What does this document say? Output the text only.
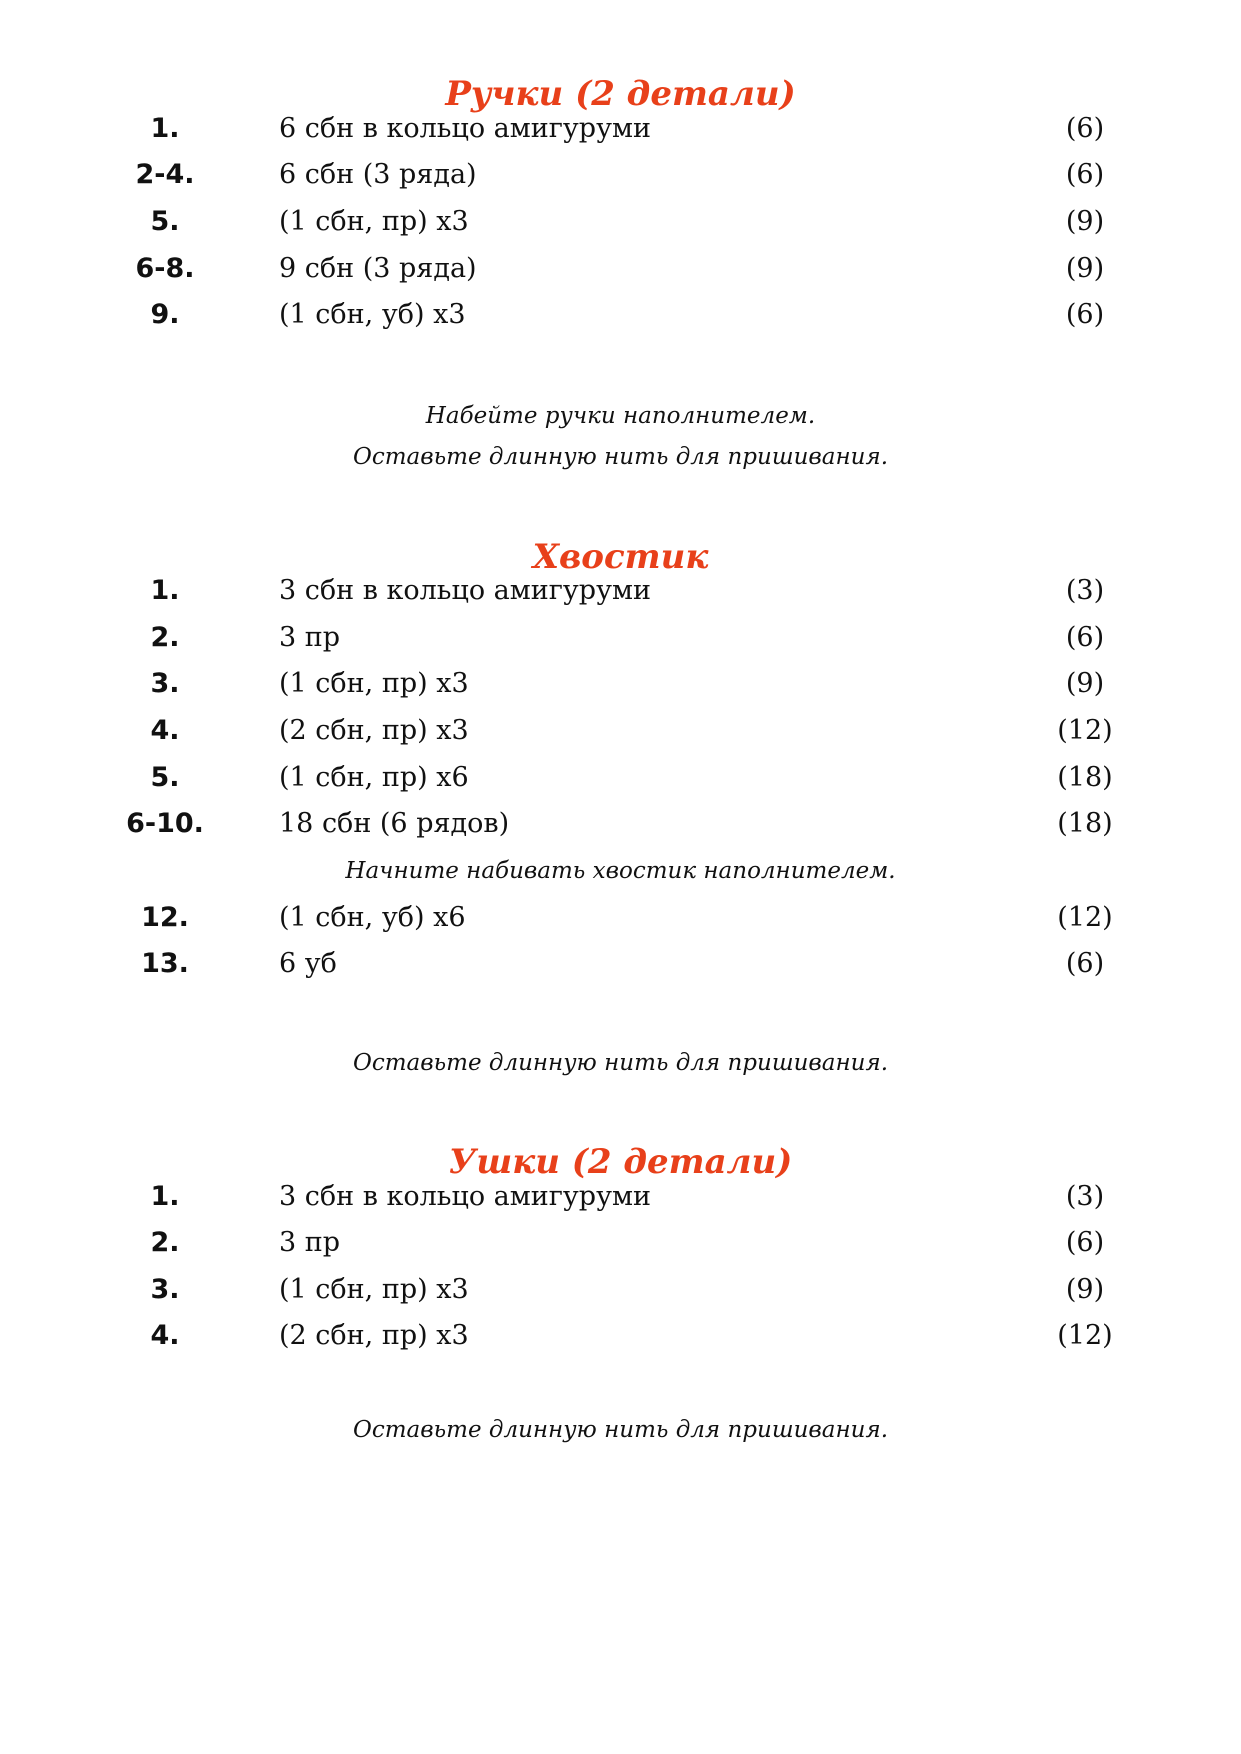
Ручки (2 детали)
1.	6 сбн в кольцо амигуруми	(6)
2-4.	6 сбн (3 ряда)	(6)
5.	(1 сбн, пр) х3	(9)
6-8.	9 сбн (3 ряда)	(9)
9.	(1 сбн, уб) х3	(6)
Набейте ручки наполнителем.
Оставьте длинную нить для пришивания.
Хвостик
1.	3 сбн в кольцо амигуруми	(3)
2.	3 пр	(6)
3.	(1 сбн, пр) х3	(9)
4.	(2 сбн, пр) х3	(12)
5.	(1 сбн, пр) х6	(18)
6-10.	18 сбн (6 рядов)	(18)
Начните набивать хвостик наполнителем.
12.	(1 сбн, уб) х6	(12)
13.	6 уб	(6)
Оставьте длинную нить для пришивания.
Ушки (2 детали)
1.	3 сбн в кольцо амигуруми	(3)
2.	3 пр	(6)
3.	(1 сбн, пр) х3	(9)
4.	(2 сбн, пр) х3	(12)
Оставьте длинную нить для пришивания.
